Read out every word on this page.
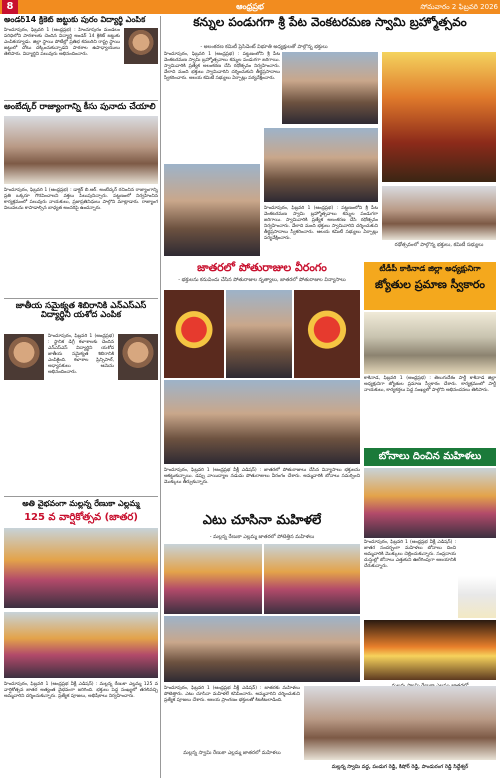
8	ఆంధ్రప్రభ	సోమవారం 2 ఫిబ్రవరి 2026
అండర్14 క్రికెట్ జట్టుకు పురం విద్యార్థి ఎంపిక
హిందూపురం, ఫిబ్రవరి 1 (ఆంధ్రప్రభ) : హిందూపురం మండలం పరిధిలోని పాఠశాలకు చెందిన విద్యార్థి అండర్ 14 క్రికెట్ జట్టుకు ఎంపికయ్యాడు. జిల్లా స్థాయి పోటీల్లో ప్రతిభ కనబరిచి రాష్ట్ర స్థాయి జట్టులో చోటు దక్కించుకున్నాడని పాఠశాల ఉపాధ్యాయులు తెలిపారు. విద్యార్థిని పలువురు అభినందించారు.
అంబేద్కర్ రాజ్యాంగాన్ని కీసు పునాదు చేయాలి
హిందూపురం, ఫిబ్రవరి 1 (ఆంధ్రప్రభ) : డాక్టర్ బి.ఆర్. అంబేద్కర్ రచించిన రాజ్యాంగాన్ని ప్రతి ఒక్కరూ గౌరవించాలని వక్తలు పిలుపునిచ్చారు. పట్టణంలో నిర్వహించిన కార్యక్రమంలో పలువురు నాయకులు, ప్రజాప్రతినిధులు పాల్గొని మాట్లాడారు. రాజ్యాంగ విలువలను కాపాడాల్సిన బాధ్యత అందరిపై ఉందన్నారు.
జాతీయ సమైక్యత శిబిరానికి ఎన్ఎస్ఎస్ విద్యార్థిని యశోద ఎంపిక
హిందూపురం, ఫిబ్రవరి 1 (ఆంధ్రప్రభ) : స్థానిక డిగ్రీ కళాశాలకు చెందిన ఎన్ఎస్ఎస్ విద్యార్థిని యశోద జాతీయ సమైక్యత శిబిరానికి ఎంపికైంది. కళాశాల ప్రిన్సిపాల్, అధ్యాపకులు ఆమెను అభినందించారు.
అతి వైభవంగా మల్లన్న రేణుకా ఎల్లమ్మ
125 వ వార్షికోత్సవ (జాతర)
హిందూపురం, ఫిబ్రవరి 1 (ఆంధ్రప్రభ వీక్లీ ఎడిషన్) : మల్లన్న రేణుకా ఎల్లమ్మ 125 వ వార్షికోత్సవ జాతర అత్యంత వైభవంగా జరిగింది. భక్తులు పెద్ద సంఖ్యలో తరలివచ్చి అమ్మవారిని దర్శించుకున్నారు. ప్రత్యేక పూజలు, అభిషేకాలు నిర్వహించారు.
కన్నుల పండుగగా శ్రీ పేట వెంకటరమణ స్వామి బ్రహ్మోత్సవం
- అలంకరణ కమిటీ ప్రెసిడెంట్ విభూతి అధ్యక్షులతో పాల్గొన్న భక్తులు
హిందూపురం, ఫిబ్రవరి 1 (ఆంధ్రప్రభ) : పట్టణంలోని శ్రీ పేట వెంకటరమణ స్వామి బ్రహ్మోత్సవాలు కన్నుల పండుగగా జరిగాయి. స్వామివారికి ప్రత్యేక అలంకరణ చేసి రథోత్సవం నిర్వహించారు. వేలాది మంది భక్తులు స్వామివారిని దర్శించుకుని తీర్థప్రసాదాలు స్వీకరించారు. ఆలయ కమిటీ సభ్యులు ఏర్పాట్లు పర్యవేక్షించారు.
హిందూపురం, ఫిబ్రవరి 1 (ఆంధ్రప్రభ) : పట్టణంలోని శ్రీ పేట వెంకటరమణ స్వామి బ్రహ్మోత్సవాలు కన్నుల పండుగగా జరిగాయి. స్వామివారికి ప్రత్యేక అలంకరణ చేసి రథోత్సవం నిర్వహించారు. వేలాది మంది భక్తులు స్వామివారిని దర్శించుకుని తీర్థప్రసాదాలు స్వీకరించారు. ఆలయ కమిటీ సభ్యులు ఏర్పాట్లు పర్యవేక్షించారు.
రథోత్సవంలో పాల్గొన్న భక్తులు, కమిటీ సభ్యులు
జాతరలో పోతురాజుల వీరంగం
- భక్తులను కనువిందు చేసిన పోతురాజుల నృత్యాలు, జాతరలో పోతురాజుల విన్యాసాలు
హిందూపురం, ఫిబ్రవరి 1 (ఆంధ్రప్రభ వీక్లీ ఎడిషన్) : జాతరలో పోతురాజులు చేసిన విన్యాసాలు భక్తులను ఆకట్టుకున్నాయి. డప్పు వాయిద్యాల నడుమ పోతురాజులు వీరంగం చేశారు. అమ్మవారికి బోనాలు సమర్పించి మొక్కులు తీర్చుకున్నారు.
టీడీపీ కాకినాడ జిల్లా అధ్యక్షునిగా
జ్యోతుల ప్రమాణ స్వీకారం
కాకినాడ, ఫిబ్రవరి 1 (ఆంధ్రప్రభ) : తెలుగుదేశం పార్టీ కాకినాడ జిల్లా అధ్యక్షునిగా జ్యోతుల ప్రమాణ స్వీకారం చేశారు. కార్యక్రమంలో పార్టీ నాయకులు, కార్యకర్తలు పెద్ద సంఖ్యలో పాల్గొని అభినందనలు తెలిపారు.
బోనాలు దించిన మహిళలు
హిందూపురం, ఫిబ్రవరి 1 (ఆంధ్రప్రభ వీక్లీ ఎడిషన్) : జాతర సందర్భంగా మహిళలు బోనాలు దించి అమ్మవారికి మొక్కులు చెల్లించుకున్నారు. సంప్రదాయ దుస్తుల్లో బోనాలు ఎత్తుకుని ఊరేగింపుగా ఆలయానికి చేరుకున్నారు.
ఎటు చూసినా మహిళలే
- మల్లన్న రేణుకా ఎల్లమ్మ జాతరలో పోటెత్తిన మహిళలు
హిందూపురం, ఫిబ్రవరి 1 (ఆంధ్రప్రభ వీక్లీ ఎడిషన్) : జాతరకు మహిళలు పోటెత్తారు. ఎటు చూసినా మహిళలే కనిపించారు. అమ్మవారిని దర్శించుకుని ప్రత్యేక పూజలు చేశారు. ఆలయ ప్రాంగణం భక్తులతో కిటకిటలాడింది.
మల్లన్న స్వామి వద్ద, పండుగ రెడ్డి, కిషోర్ రెడ్డి, పాండురంగ రెడ్డి సిద్ధేశ్వర్
మల్లన్న స్వామి రేణుకా ఎల్లమ్మ జాతరలో మహిళలు
